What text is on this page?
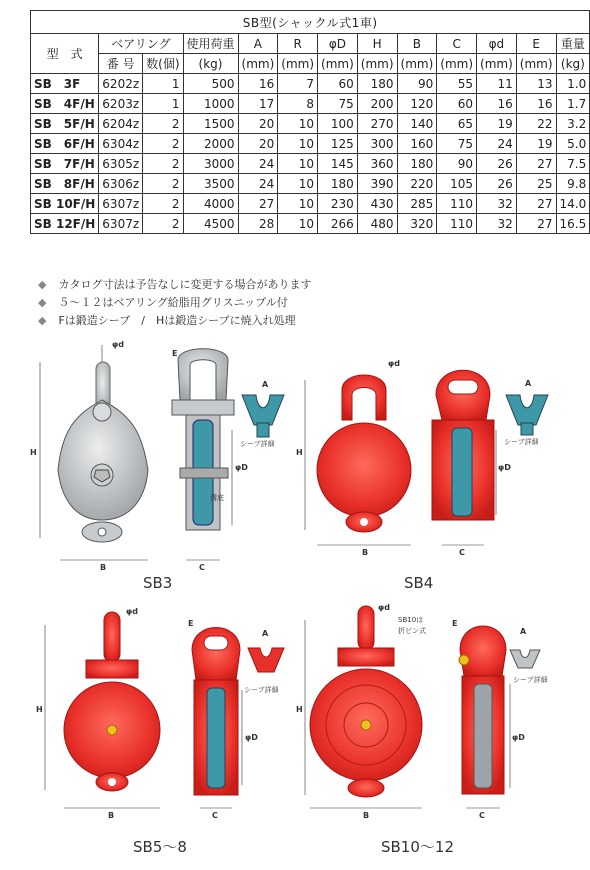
SB型(シャックル式1車)												
型　式	ベアリング		使用荷重	A	R	φD	H	B	C	φd	E	重量
	番 号	数(個)	(kg)	(mm)	(mm)	(mm)	(mm)	(mm)	(mm)	(mm)	(mm)	(kg)
SB　3F	6202z	1	500	16	7	60	180	90	55	11	13	1.0
SB　4F/H	6203z	1	1000	17	8	75	200	120	60	16	16	1.7
SB　5F/H	6204z	2	1500	20	10	100	270	140	65	19	22	3.2
SB　6F/H	6304z	2	2000	20	10	125	300	160	75	24	19	5.0
SB　7F/H	6305z	2	3000	24	10	145	360	180	90	26	27	7.5
SB　8F/H	6306z	2	3500	24	10	180	390	220	105	26	25	9.8
SB 10F/H	6307z	2	4000	27	10	230	430	285	110	32	27	14.0
SB 12F/H	6307z	2	4500	28	10	266	480	320	110	32	27	16.5
◆ カタログ寸法は予告なしに変更する場合があります
◆ ５～１２はベアリング給脂用グリスニップル付
◆ Fは鍛造シーブ　/　Hは鍛造シーブに焼入れ処理
φd
H
B
E
φD
溝底
C
A
シーブ詳細
φd
H
B
φD
C
A
シーブ詳細
φd
H
B
E
φD
C
A
シーブ詳細
φd
SB10は
折ピン式
H
B
E
φD
C
A
シーブ詳細
SB3	SB4
SB5～8	SB10～12
